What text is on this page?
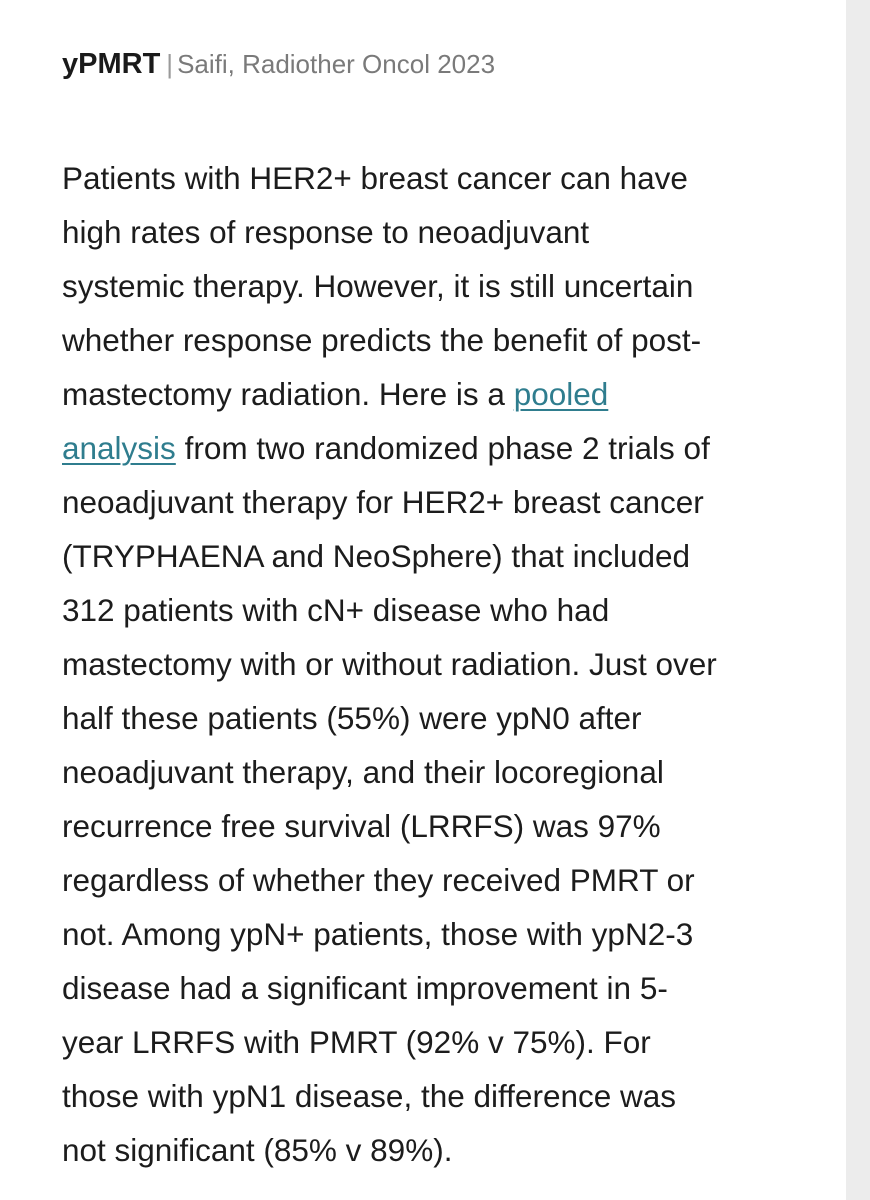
yPMRT | Saifi, Radiother Oncol 2023

Patients with HER2+ breast cancer can have
high rates of response to neoadjuvant
systemic therapy. However, it is still uncertain
whether response predicts the benefit of post-
mastectomy radiation. Here is a pooled
analysis from two randomized phase 2 trials of
neoadjuvant therapy for HER2+ breast cancer
(TRYPHAENA and NeoSphere) that included
312 patients with cN+ disease who had
mastectomy with or without radiation. Just over
half these patients (55%) were ypN0 after
neoadjuvant therapy, and their locoregional
recurrence free survival (LRRFS) was 97%
regardless of whether they received PMRT or
not. Among ypN+ patients, those with ypN2-3
disease had a significant improvement in 5-
year LRRFS with PMRT (92% v 75%). For
those with ypN1 disease, the difference was
not significant (85% v 89%).
